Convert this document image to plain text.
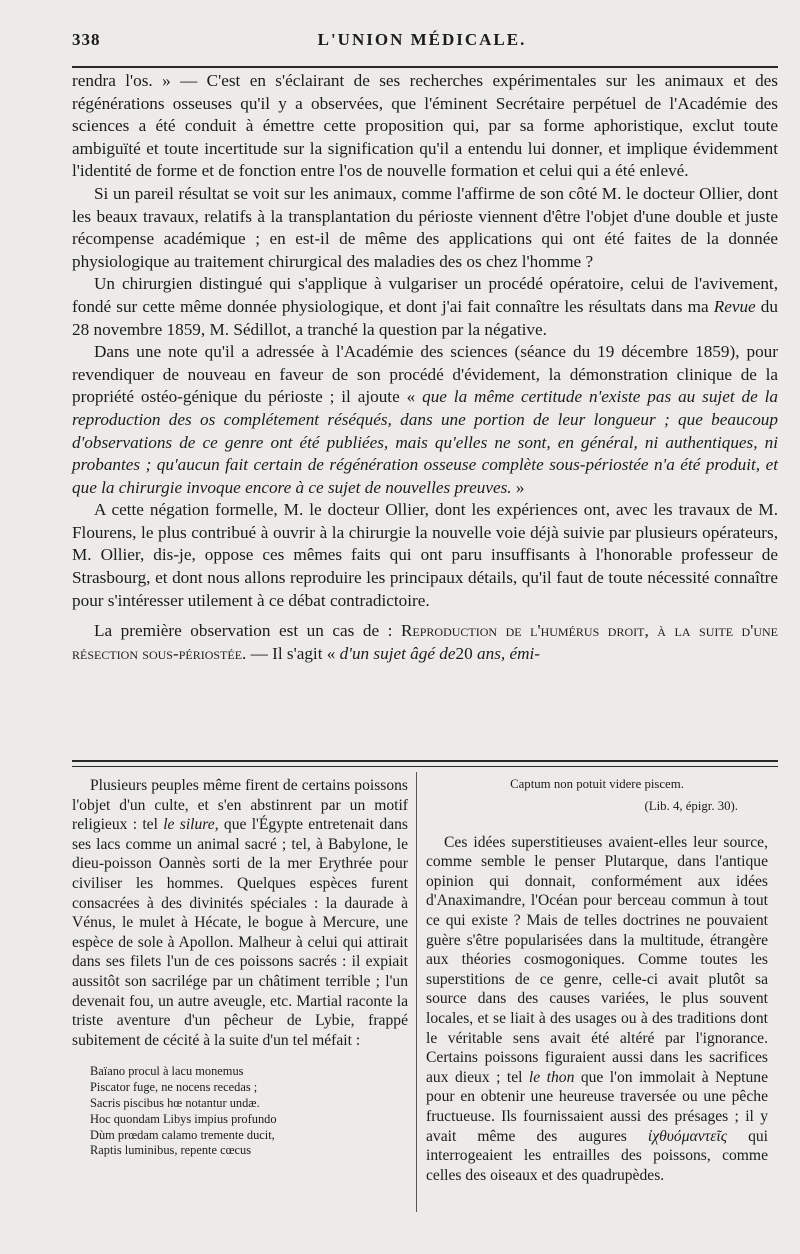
338	L'UNION MÉDICALE.

rendra l'os. » — C'est en s'éclairant de ses recherches expérimentales sur les animaux et des régénérations osseuses qu'il y a observées, que l'éminent Secrétaire perpétuel de l'Académie des sciences a été conduit à émettre cette proposition qui, par sa forme aphoristique, exclut toute ambiguïté et toute incertitude sur la signification qu'il a entendu lui donner, et implique évidemment l'identité de forme et de fonction entre l'os de nouvelle formation et celui qui a été enlevé.

Si un pareil résultat se voit sur les animaux, comme l'affirme de son côté M. le docteur Ollier, dont les beaux travaux, relatifs à la transplantation du périoste viennent d'être l'objet d'une double et juste récompense académique ; en est-il de même des applications qui ont été faites de la donnée physiologique au traitement chirurgical des maladies des os chez l'homme ?

Un chirurgien distingué qui s'applique à vulgariser un procédé opératoire, celui de l'avivement, fondé sur cette même donnée physiologique, et dont j'ai fait connaître les résultats dans ma Revue du 28 novembre 1859, M. Sédillot, a tranché la question par la négative.

Dans une note qu'il a adressée à l'Académie des sciences (séance du 19 décembre 1859), pour revendiquer de nouveau en faveur de son procédé d'évidement, la démonstration clinique de la propriété ostéo-génique du périoste ; il ajoute « que la même certitude n'existe pas au sujet de la reproduction des os complétement réséqués, dans une portion de leur longueur ; que beaucoup d'observations de ce genre ont été publiées, mais qu'elles ne sont, en général, ni authentiques, ni probantes ; qu'aucun fait certain de régénération osseuse complète sous-périostée n'a été produit, et que la chirurgie invoque encore à ce sujet de nouvelles preuves. »

A cette négation formelle, M. le docteur Ollier, dont les expériences ont, avec les travaux de M. Flourens, le plus contribué à ouvrir à la chirurgie la nouvelle voie déjà suivie par plusieurs opérateurs, M. Ollier, dis-je, oppose ces mêmes faits qui ont paru insuffisants à l'honorable professeur de Strasbourg, et dont nous allons reproduire les principaux détails, qu'il faut de toute nécessité connaître pour s'intéresser utilement à ce débat contradictoire.

La première observation est un cas de : Reproduction de l'humérus droit, à la suite d'une résection sous-périostée. — Il s'agit « d'un sujet âgé de20 ans, émi-

Plusieurs peuples même firent de certains poissons l'objet d'un culte, et s'en abstinrent par un motif religieux : tel le silure, que l'Égypte entretenait dans ses lacs comme un animal sacré ; tel, à Babylone, le dieu-poisson Oannès sorti de la mer Erythrée pour civiliser les hommes. Quelques espèces furent consacrées à des divinités spéciales : la daurade à Vénus, le mulet à Hécate, le bogue à Mercure, une espèce de sole à Apollon. Malheur à celui qui attirait dans ses filets l'un de ces poissons sacrés : il expiait aussitôt son sacrilége par un châtiment terrible ; l'un devenait fou, un autre aveugle, etc. Martial raconte la triste aventure d'un pêcheur de Lybie, frappé subitement de cécité à la suite d'un tel méfait :

Baïano procul à lacu monemus
Piscator fuge, ne nocens recedas ;
Sacris piscibus hœ notantur undæ.
Hoc quondam Libys impius profundo
Dùm prœdam calamo tremente ducit,
Raptis luminibus, repente cœcus
Captum non potuit videre piscem.
(Lib. 4, épigr. 30).

Ces idées superstitieuses avaient-elles leur source, comme semble le penser Plutarque, dans l'antique opinion qui donnait, conformément aux idées d'Anaximandre, l'Océan pour berceau commun à tout ce qui existe ? Mais de telles doctrines ne pouvaient guère s'être popularisées dans la multitude, étrangère aux théories cosmogoniques. Comme toutes les superstitions de ce genre, celle-ci avait plutôt sa source dans des causes variées, le plus souvent locales, et se liait à des usages ou à des traditions dont le véritable sens avait été altéré par l'ignorance. Certains poissons figuraient aussi dans les sacrifices aux dieux ; tel le thon que l'on immolait à Neptune pour en obtenir une heureuse traversée ou une pêche fructueuse. Ils fournissaient aussi des présages ; il y avait même des augures ἰχθυόμαντεῖς qui interrogeaient les entrailles des poissons, comme celles des oiseaux et des quadrupèdes.
